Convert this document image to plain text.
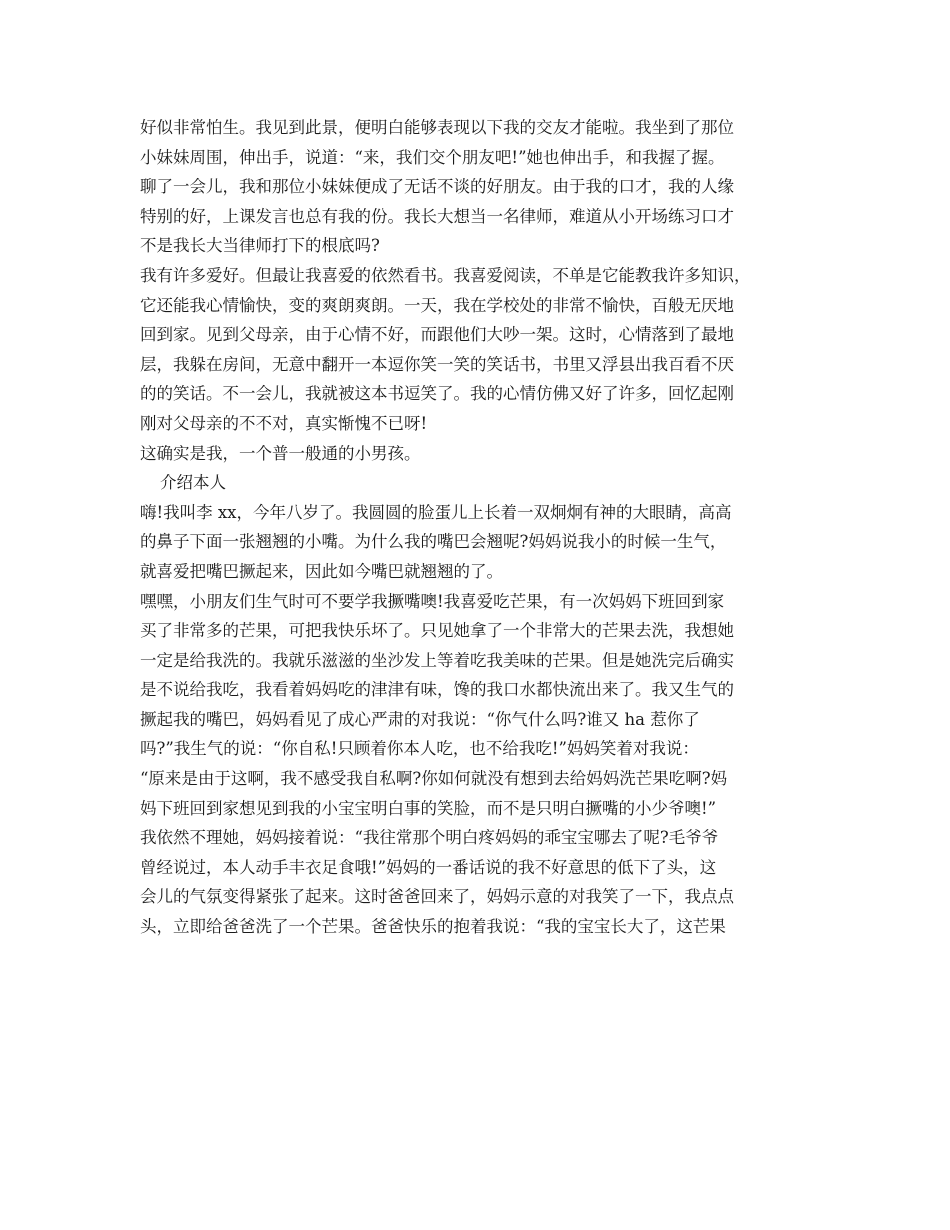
好似非常怕生。我见到此景，便明白能够表现以下我的交友才能啦。我坐到了那位
小妹妹周围，伸出手，说道：“来，我们交个朋友吧!”她也伸出手，和我握了握。
聊了一会儿，我和那位小妹妹便成了无话不谈的好朋友。由于我的口才，我的人缘
特别的好，上课发言也总有我的份。我长大想当一名律师，难道从小开场练习口才
不是我长大当律师打下的根底吗?
我有许多爱好。但最让我喜爱的依然看书。我喜爱阅读，不单是它能教我许多知识，
它还能我心情愉快，变的爽朗爽朗。一天，我在学校处的非常不愉快，百般无厌地
回到家。见到父母亲，由于心情不好，而跟他们大吵一架。这时，心情落到了最地
层，我躲在房间，无意中翻开一本逗你笑一笑的笑话书，书里又浮县出我百看不厌
的的笑话。不一会儿，我就被这本书逗笑了。我的心情仿佛又好了许多，回忆起刚
刚对父母亲的不不对，真实惭愧不已呀!
这确实是我，一个普一般通的小男孩。
介绍本人
嗨!我叫李 xx，今年八岁了。我圆圆的脸蛋儿上长着一双炯炯有神的大眼睛，高高
的鼻子下面一张翘翘的小嘴。为什么我的嘴巴会翘呢?妈妈说我小的时候一生气，
就喜爱把嘴巴撅起来，因此如今嘴巴就翘翘的了。
嘿嘿，小朋友们生气时可不要学我撅嘴噢!我喜爱吃芒果，有一次妈妈下班回到家
买了非常多的芒果，可把我快乐坏了。只见她拿了一个非常大的芒果去洗，我想她
一定是给我洗的。我就乐滋滋的坐沙发上等着吃我美味的芒果。但是她洗完后确实
是不说给我吃，我看着妈妈吃的津津有味，馋的我口水都快流出来了。我又生气的
撅起我的嘴巴，妈妈看见了成心严肃的对我说：“你气什么吗?谁又 ha 惹你了
吗?”我生气的说：“你自私!只顾着你本人吃，也不给我吃!”妈妈笑着对我说：
“原来是由于这啊，我不感受我自私啊?你如何就没有想到去给妈妈洗芒果吃啊?妈
妈下班回到家想见到我的小宝宝明白事的笑脸，而不是只明白撅嘴的小少爷噢!”
我依然不理她，妈妈接着说：“我往常那个明白疼妈妈的乖宝宝哪去了呢?毛爷爷
曾经说过，本人动手丰衣足食哦!”妈妈的一番话说的我不好意思的低下了头，这
会儿的气氛变得紧张了起来。这时爸爸回来了，妈妈示意的对我笑了一下，我点点
头，立即给爸爸洗了一个芒果。爸爸快乐的抱着我说：“我的宝宝长大了，这芒果
